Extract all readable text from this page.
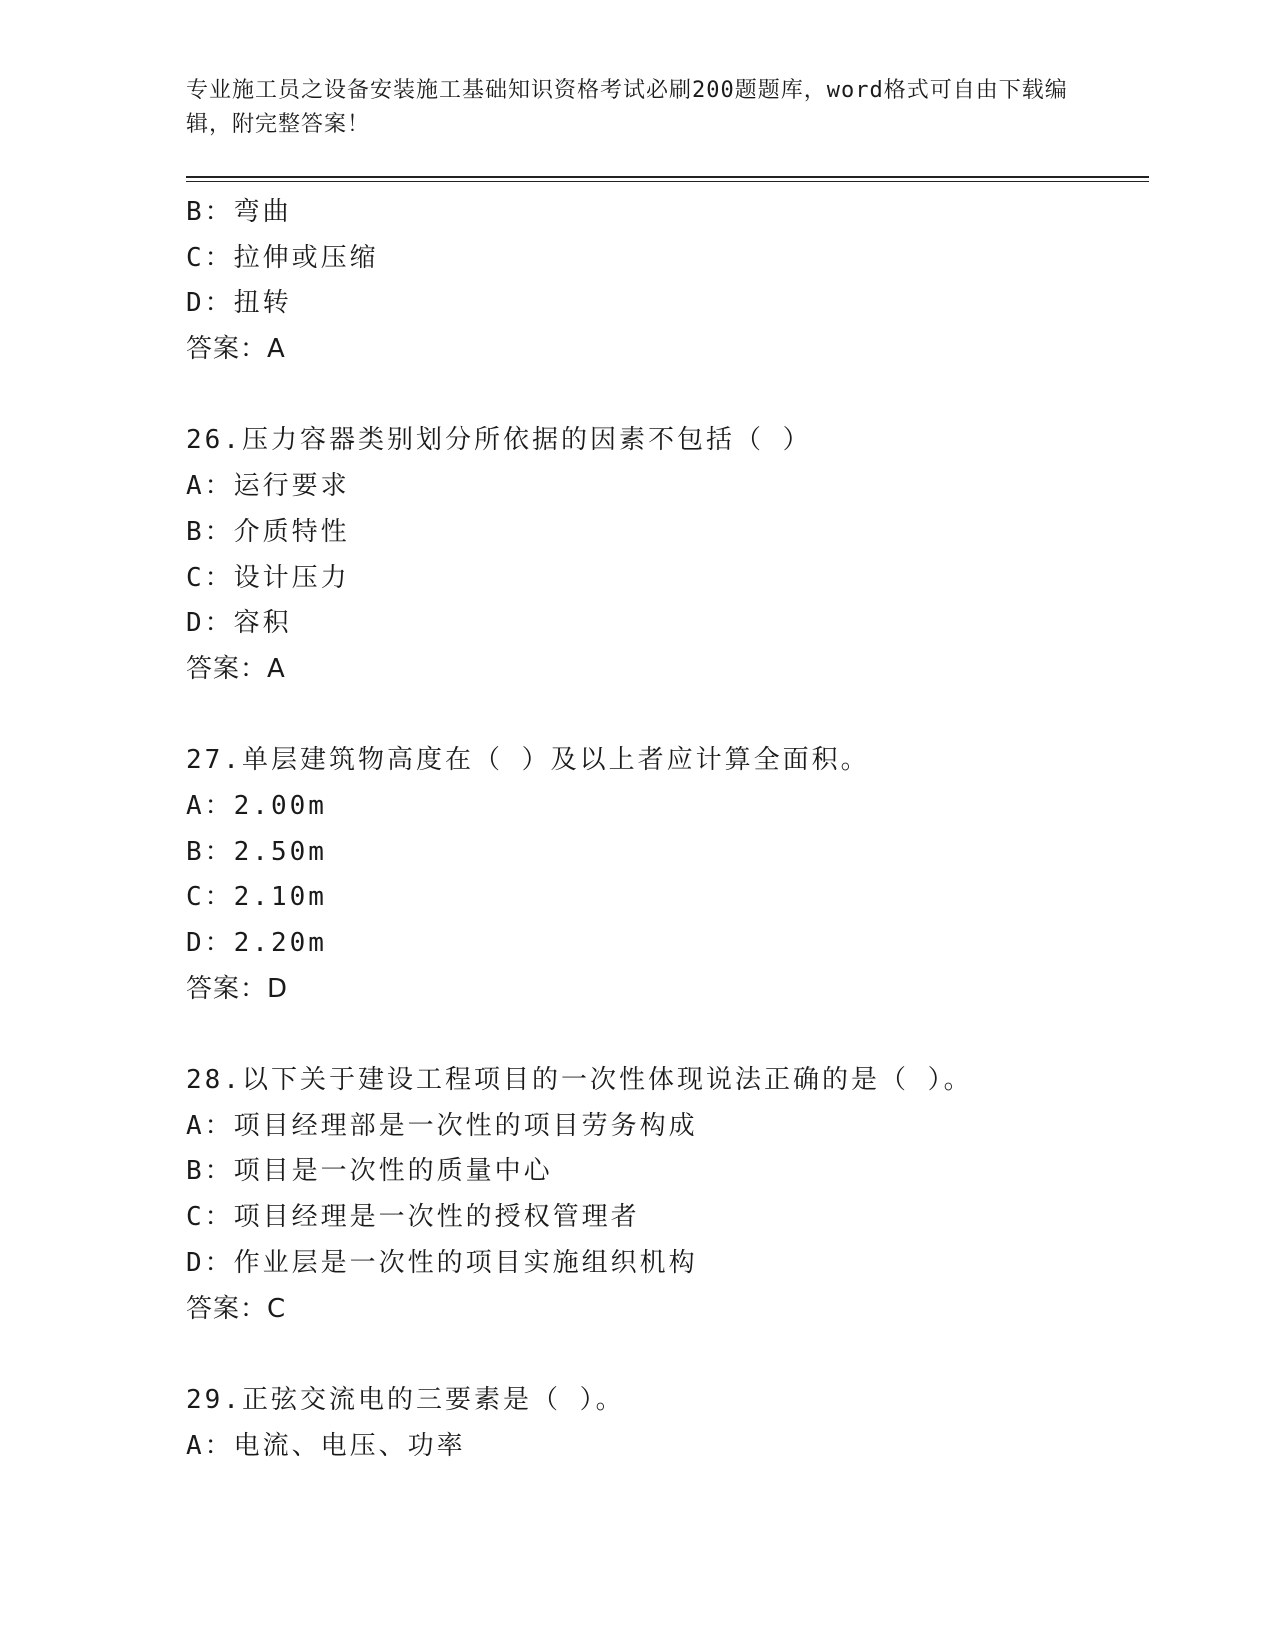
专业施工员之设备安装施工基础知识资格考试必刷200题题库，word格式可自由下载编辑，附完整答案！
B：弯曲
C：拉伸或压缩
D：扭转
答案：A
26.压力容器类别划分所依据的因素不包括（ ）
A：运行要求
B：介质特性
C：设计压力
D：容积
答案：A
27.单层建筑物高度在（ ）及以上者应计算全面积。
A：2.00m
B：2.50m
C：2.10m
D：2.20m
答案：D
28.以下关于建设工程项目的一次性体现说法正确的是（ ）。
A：项目经理部是一次性的项目劳务构成
B：项目是一次性的质量中心
C：项目经理是一次性的授权管理者
D：作业层是一次性的项目实施组织机构
答案：C
29.正弦交流电的三要素是（ ）。
A：电流、电压、功率
